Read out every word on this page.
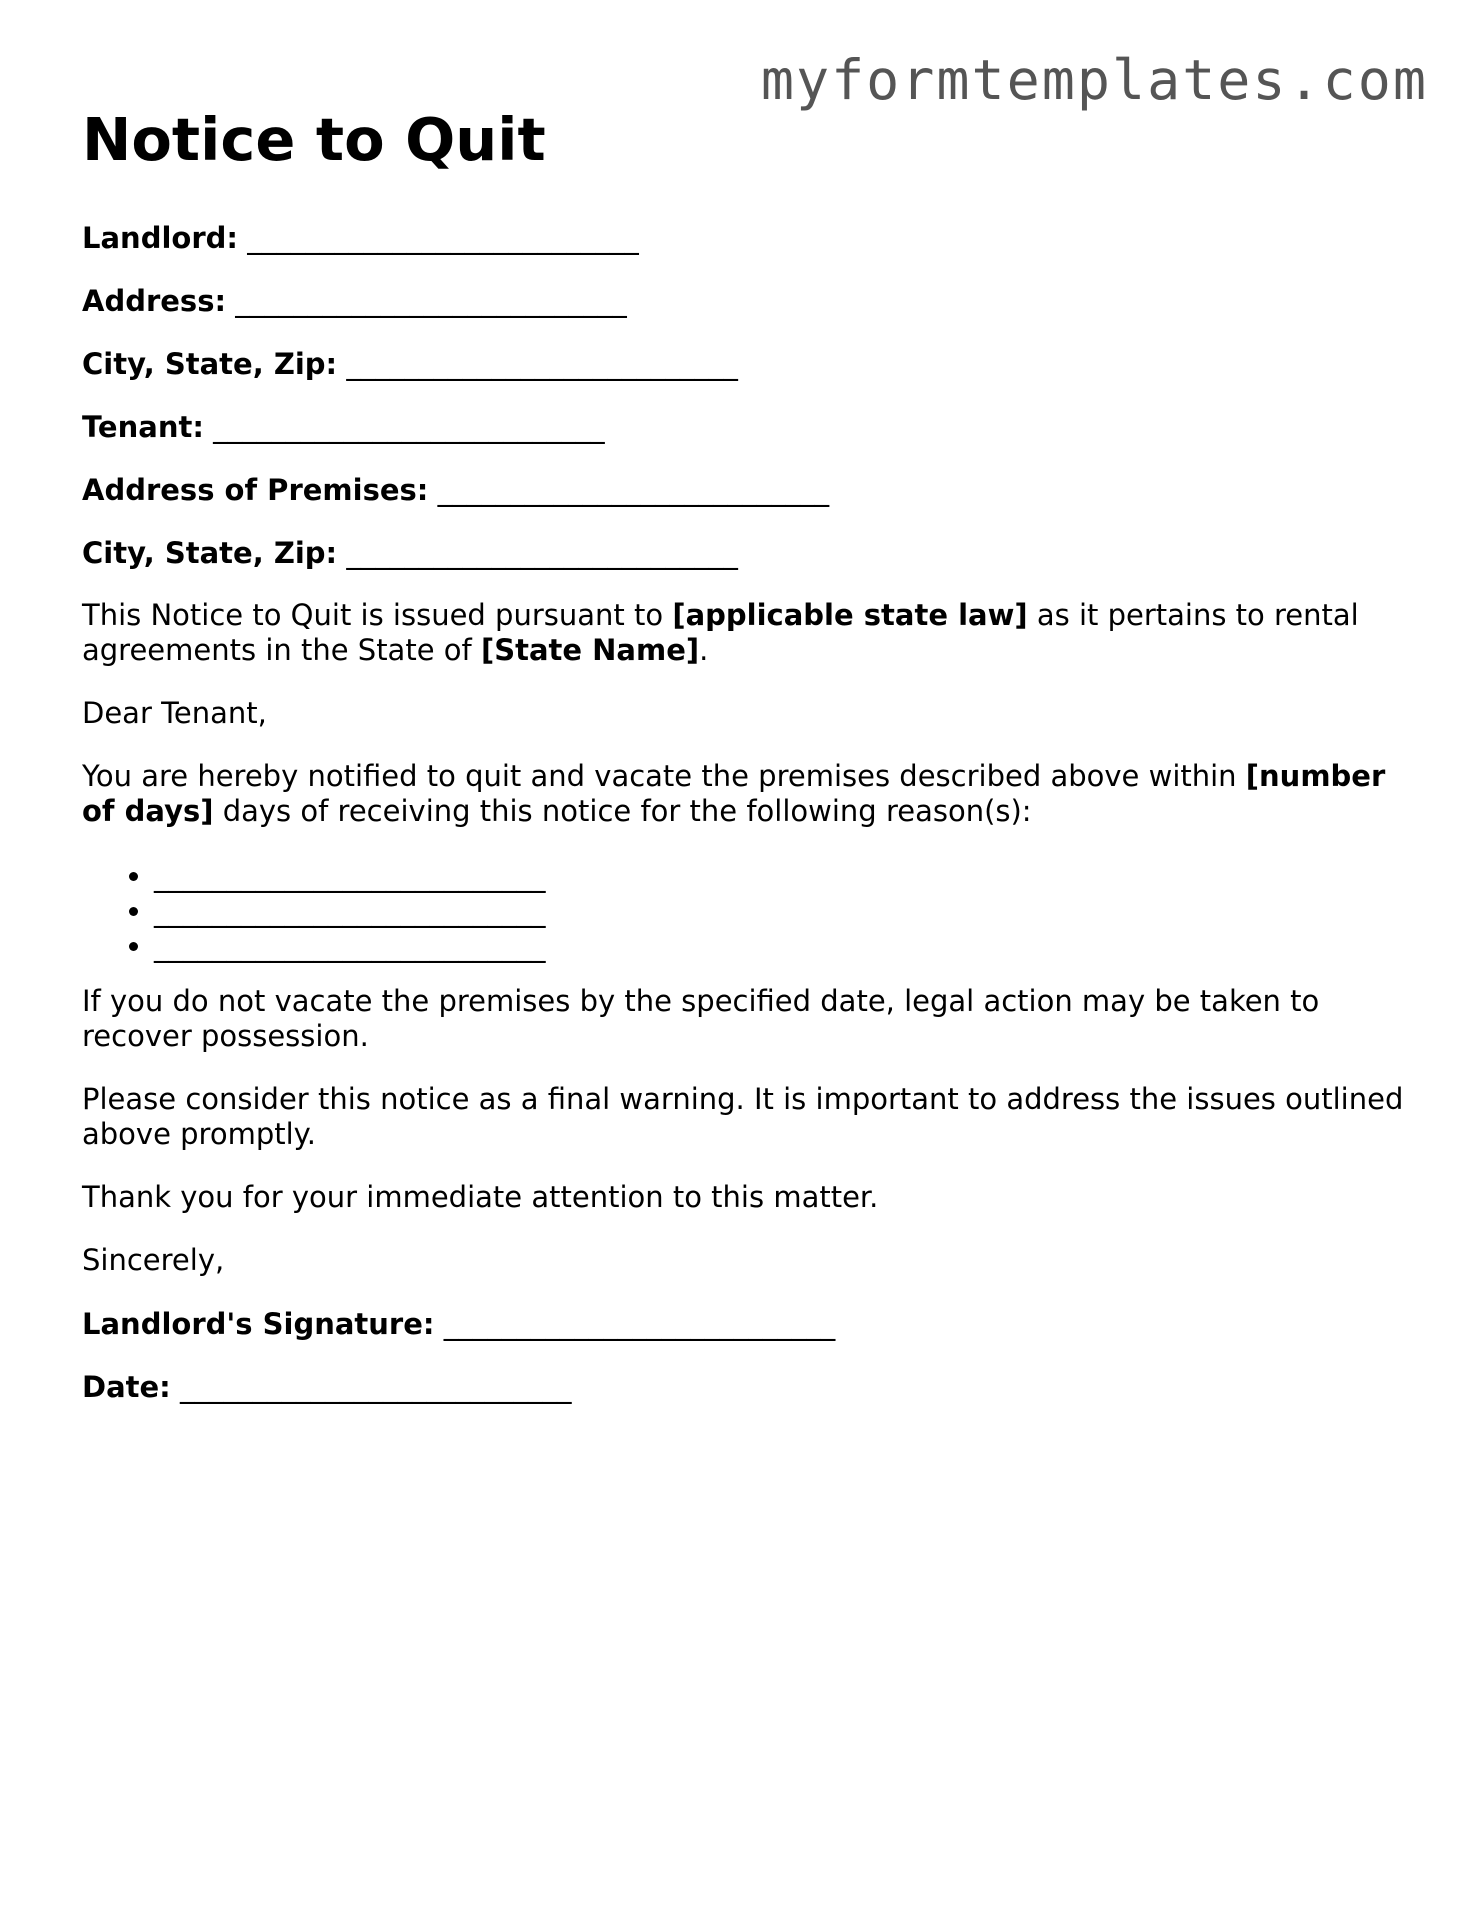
myformtemplates.com
Notice to Quit
Landlord: ___________________________
Address: ___________________________
City, State, Zip: ___________________________
Tenant: ___________________________
Address of Premises: ___________________________
City, State, Zip: ___________________________

This Notice to Quit is issued pursuant to [applicable state law] as it pertains to rental agreements in the State of [State Name].

Dear Tenant,

You are hereby notified to quit and vacate the premises described above within [number of days] days of receiving this notice for the following reason(s):

• ___________________________
• ___________________________
• ___________________________

If you do not vacate the premises by the specified date, legal action may be taken to recover possession.

Please consider this notice as a final warning. It is important to address the issues outlined above promptly.

Thank you for your immediate attention to this matter.

Sincerely,

Landlord's Signature: ___________________________
Date: ___________________________
